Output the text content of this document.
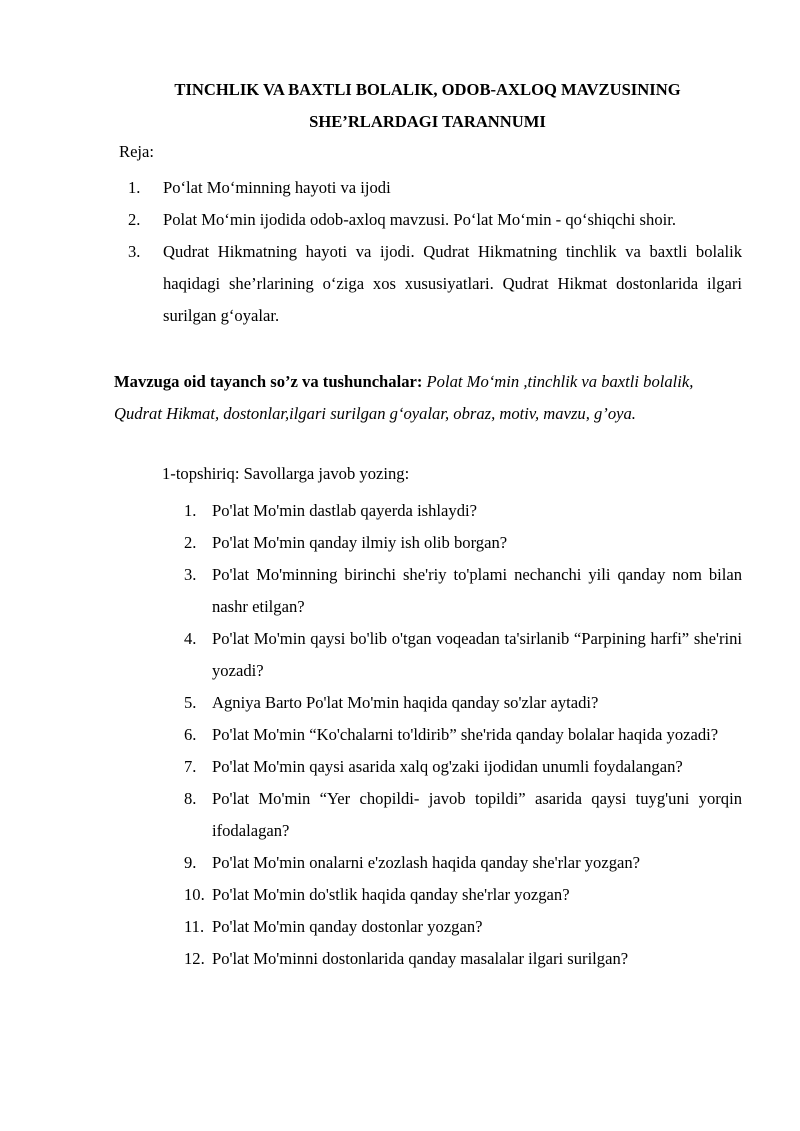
TINCHLIK VA BAXTLI BOLALIK, ODOB-AXLOQ MAVZUSINING
SHE’RLARDAGI TARANNUMI
Reja:
1. Po‘lat Mo‘minning hayoti va ijodi
2. Polat Mo‘min ijodida odob-axloq mavzusi. Po‘lat Mo‘min - qo‘shiqchi shoir.
3. Qudrat Hikmatning hayoti va ijodi. Qudrat Hikmatning tinchlik va baxtli bolalik haqidagi she’rlarining o‘ziga xos xususiyatlari. Qudrat Hikmat dostonlarida ilgari surilgan g‘oyalar.

Mavzuga oid tayanch so’z va tushunchalar: Polat Mo‘min ,tinchlik va baxtli bolalik, Qudrat Hikmat, dostonlar,ilgari surilgan g‘oyalar, obraz, motiv, mavzu, g’oya.

1-topshiriq: Savollarga javob yozing:
1. Po'lat Mo'min dastlab qayerda ishlaydi?
2. Po'lat Mo'min qanday ilmiy ish olib borgan?
3. Po'lat Mo'minning birinchi she'riy to'plami nechanchi yili qanday nom bilan nashr etilgan?
4. Po'lat Mo'min qaysi bo'lib o'tgan voqeadan ta'sirlanib “Parpining harfi” she'rini yozadi?
5. Agniya Barto Po'lat Mo'min haqida qanday so'zlar aytadi?
6. Po'lat Mo'min “Ko'chalarni to'ldirib” she'rida qanday bolalar haqida yozadi?
7. Po'lat Mo'min qaysi asarida xalq og'zaki ijodidan unumli foydalangan?
8. Po'lat Mo'min “Yer chopildi- javob topildi” asarida qaysi tuyg'uni yorqin ifodalagan?
9. Po'lat Mo'min onalarni e'zozlash haqida qanday she'rlar yozgan?
10. Po'lat Mo'min do'stlik haqida qanday she'rlar yozgan?
11. Po'lat Mo'min qanday dostonlar yozgan?
12. Po'lat Mo'minni dostonlarida qanday masalalar ilgari surilgan?
